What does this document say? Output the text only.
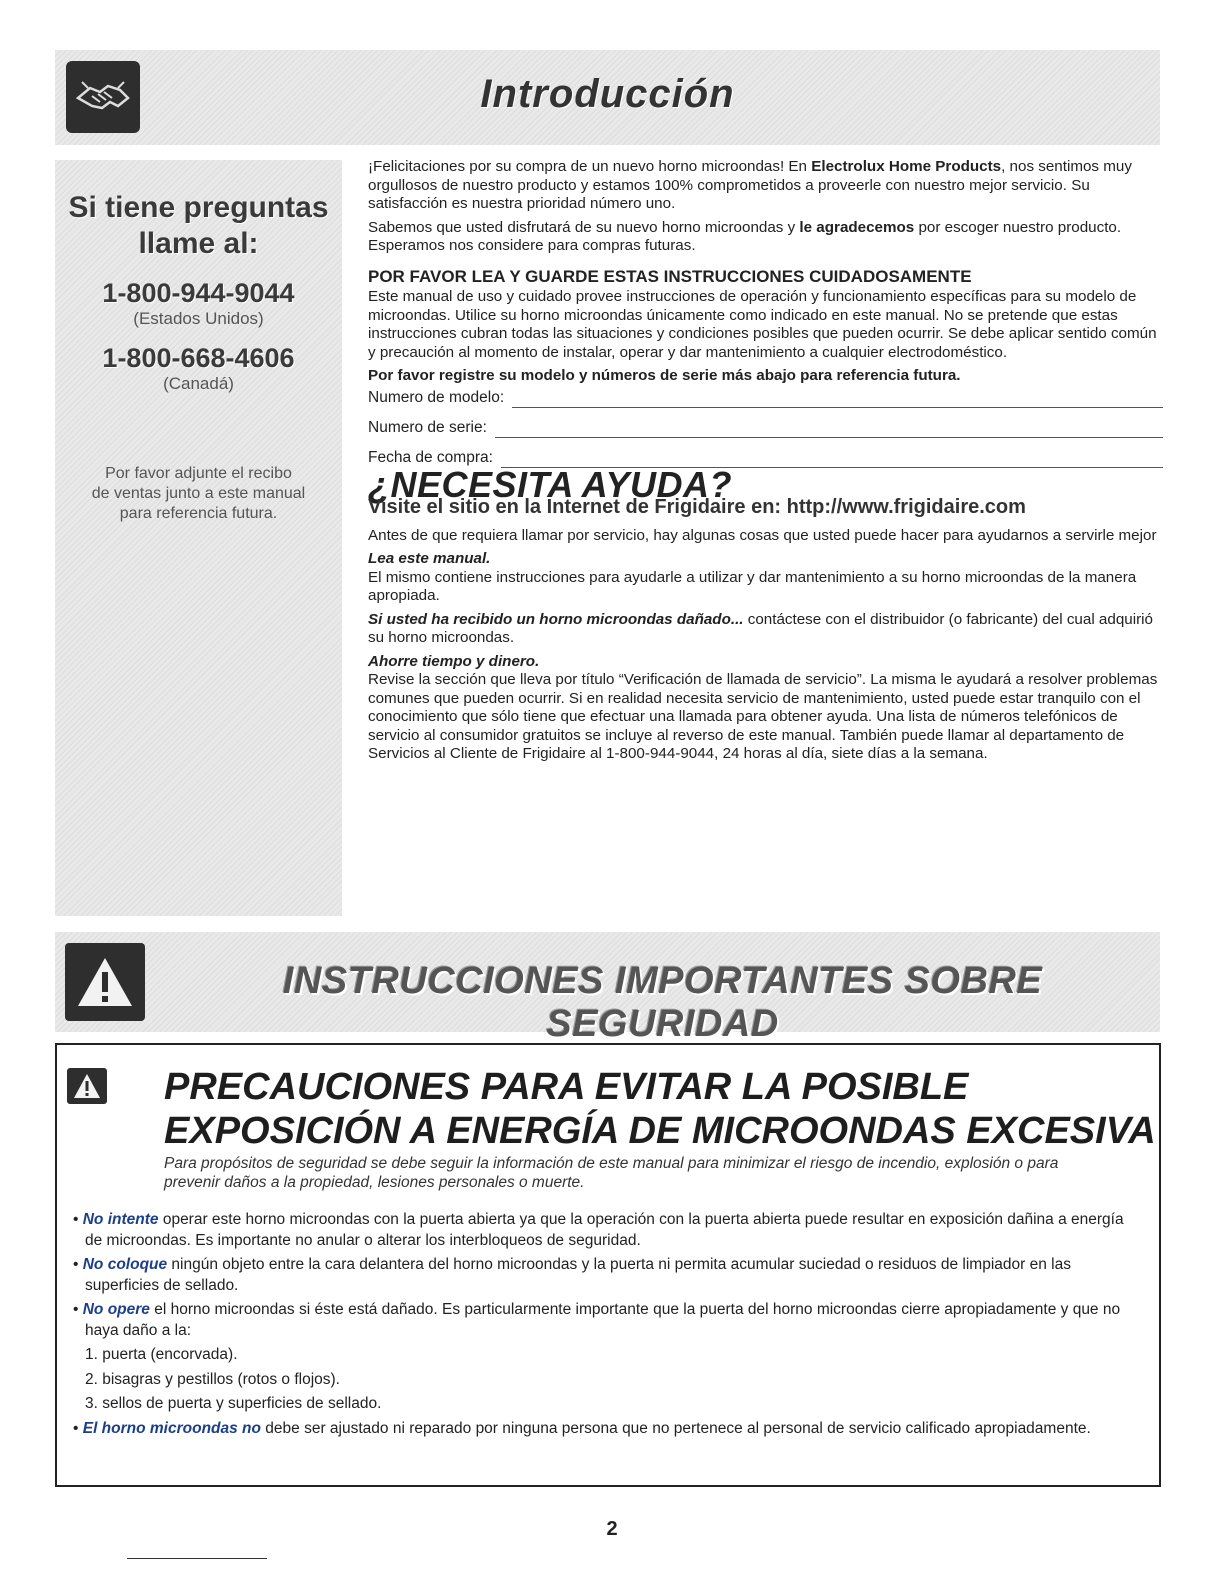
Introducción
Si tiene preguntas
llame al:
1-800-944-9044
(Estados Unidos)
1-800-668-4606
(Canadá)
Por favor adjunte el recibo
de ventas junto a este manual
para referencia futura.

¡Felicitaciones por su compra de un nuevo horno microondas! En Electrolux Home Products, nos sentimos muy orgullosos de nuestro producto y estamos 100% comprometidos a proveerle con nuestro mejor servicio. Su satisfacción es nuestra prioridad número uno.

Sabemos que usted disfrutará de su nuevo horno microondas y le agradecemos por escoger nuestro producto. Esperamos nos considere para compras futuras.

POR FAVOR LEA Y GUARDE ESTAS INSTRUCCIONES CUIDADOSAMENTE

Este manual de uso y cuidado provee instrucciones de operación y funcionamiento específicas para su modelo de microondas. Utilice su horno microondas únicamente como indicado en este manual. No se pretende que estas instrucciones cubran todas las situaciones y condiciones posibles que pueden ocurrir. Se debe aplicar sentido común y precaución al momento de instalar, operar y dar mantenimiento a cualquier electrodoméstico.

Por favor registre su modelo y números de serie más abajo para referencia futura.

Numero de modelo:
Numero de serie:
Fecha de compra:
¿NECESITA AYUDA?
Visite el sitio en la Internet de Frigidaire en: http://www.frigidaire.com

Antes de que requiera llamar por servicio, hay algunas cosas que usted puede hacer para ayudarnos a servirle mejor

Lea este manual.

El mismo contiene instrucciones para ayudarle a utilizar y dar mantenimiento a su horno microondas de la manera apropiada.

Si usted ha recibido un horno microondas dañado... contáctese con el distribuidor (o fabricante) del cual adquirió su horno microondas.

Ahorre tiempo y dinero.

Revise la sección que lleva por título “Verificación de llamada de servicio”. La misma le ayudará a resolver problemas comunes que pueden ocurrir. Si en realidad necesita servicio de mantenimiento, usted puede estar tranquilo con el conocimiento que sólo tiene que efectuar una llamada para obtener ayuda. Una lista de números telefónicos de servicio al consumidor gratuitos se incluye al reverso de este manual. También puede llamar al departamento de Servicios al Cliente de Frigidaire al 1-800-944-9044, 24 horas al día, siete días a la semana.

INSTRUCCIONES IMPORTANTES SOBRE SEGURIDAD
PRECAUCIONES PARA EVITAR LA POSIBLE
EXPOSICIÓN A ENERGÍA DE MICROONDAS EXCESIVA
Para propósitos de seguridad se debe seguir la información de este manual para minimizar el riesgo de incendio, explosión o para prevenir daños a la propiedad, lesiones personales o muerte.

• No intente operar este horno microondas con la puerta abierta ya que la operación con la puerta abierta puede resultar en exposición dañina a energía de microondas. Es importante no anular o alterar los interbloqueos de seguridad.

• No coloque ningún objeto entre la cara delantera del horno microondas y la puerta ni permita acumular suciedad o residuos de limpiador en las superficies de sellado.

• No opere el horno microondas si éste está dañado. Es particularmente importante que la puerta del horno microondas cierre apropiadamente y que no haya daño a la:

1. puerta (encorvada).

2. bisagras y pestillos (rotos o flojos).

3. sellos de puerta y superficies de sellado.

• El horno microondas no debe ser ajustado ni reparado por ninguna persona que no pertenece al personal de servicio calificado apropiadamente.

2
